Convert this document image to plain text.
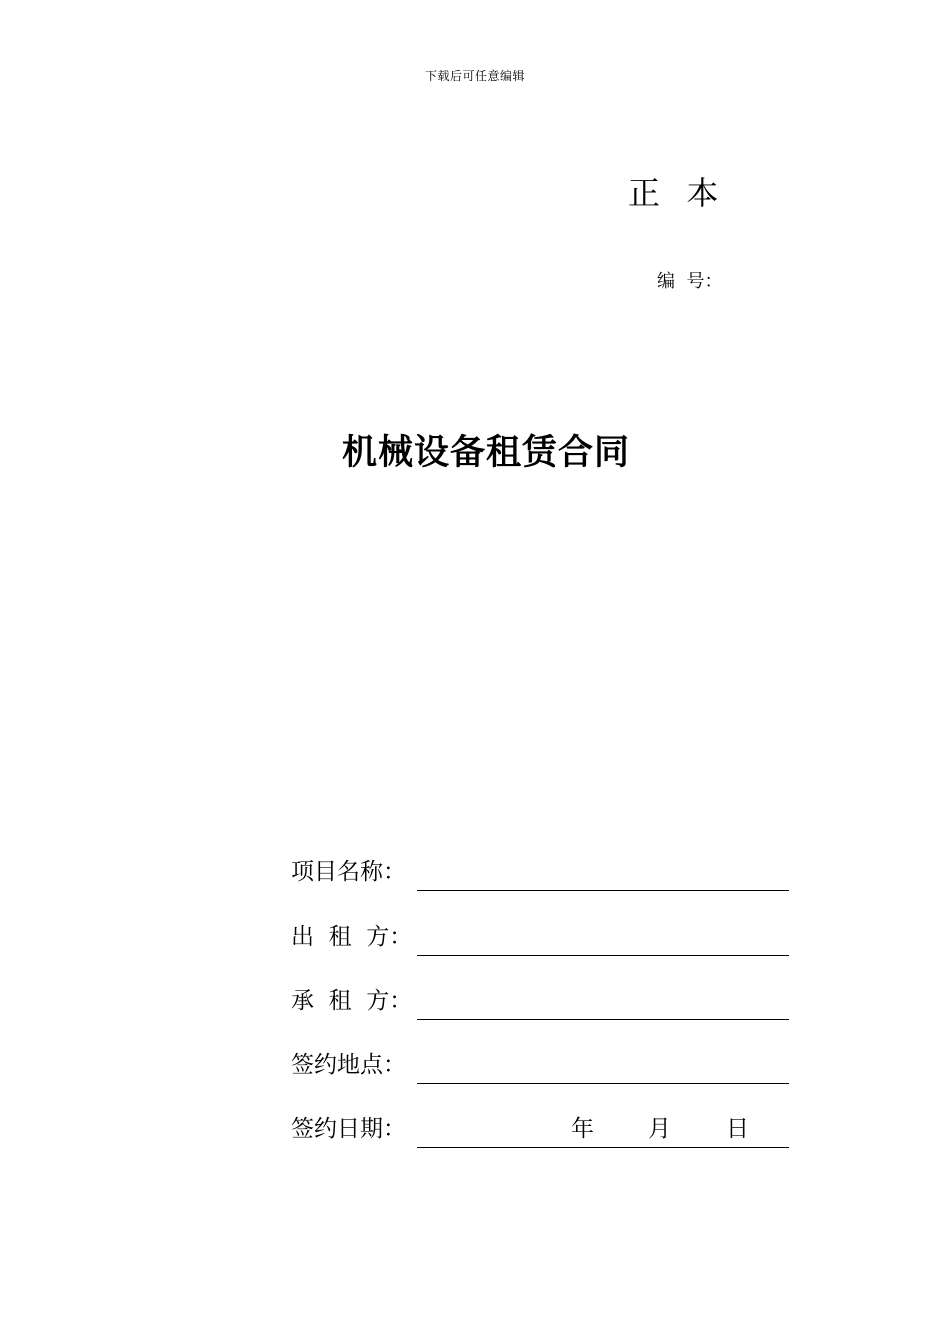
下载后可任意编辑
正  本
编  号：
机械设备租赁合同
项目名称：
出  租  方：
承  租  方：
签约地点：
签约日期：	年 月 日
